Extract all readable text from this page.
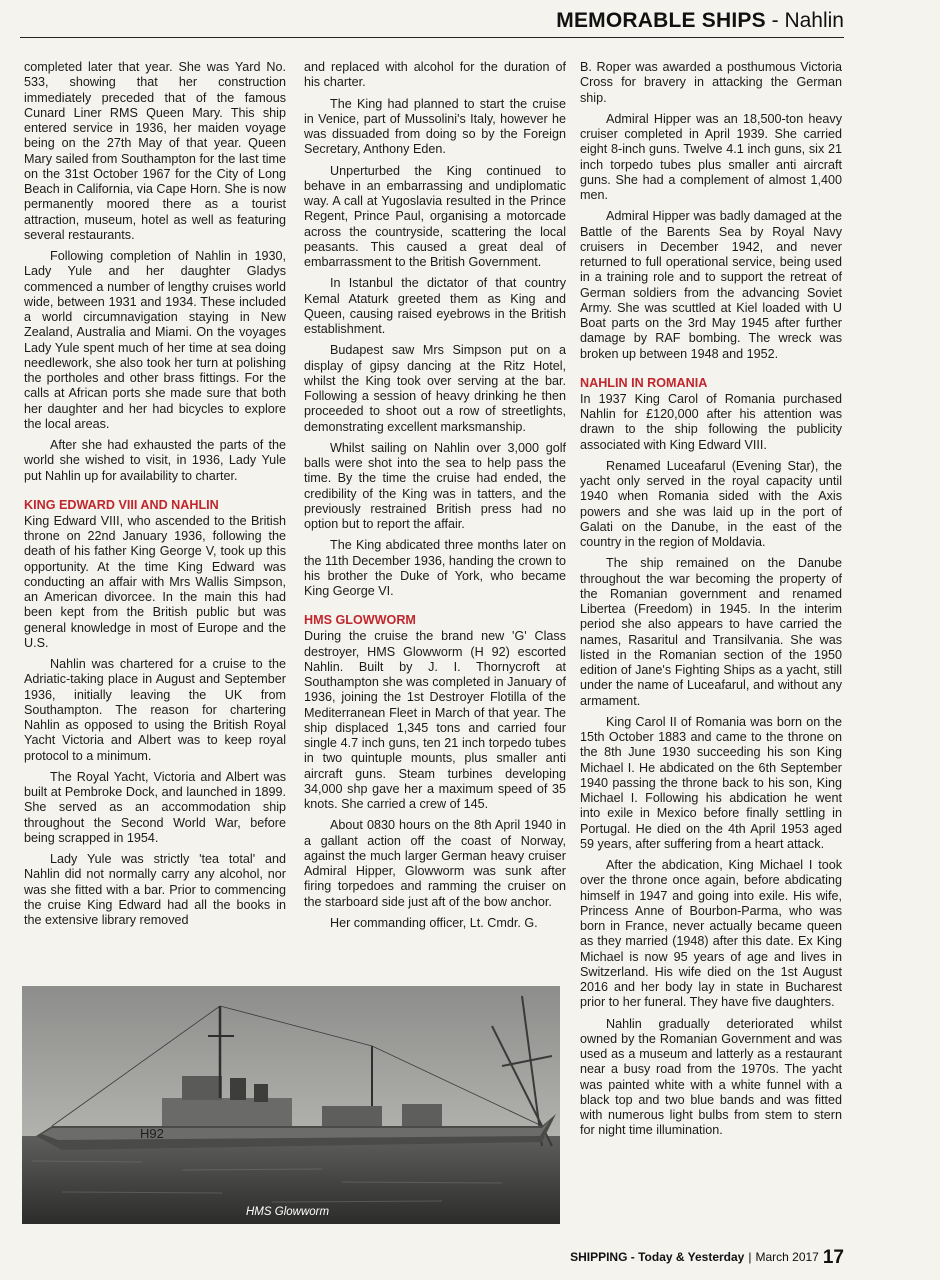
MEMORABLE SHIPS - Nahlin

completed later that year. She was Yard No. 533, showing that her construction immediately preceded that of the famous Cunard Liner RMS Queen Mary. This ship entered service in 1936, her maiden voyage being on the 27th May of that year. Queen Mary sailed from Southampton for the last time on the 31st October 1967 for the City of Long Beach in California, via Cape Horn. She is now permanently moored there as a tourist attraction, museum, hotel as well as featuring several restaurants.

Following completion of Nahlin in 1930, Lady Yule and her daughter Gladys commenced a number of lengthy cruises world wide, between 1931 and 1934. These included a world circumnavigation staying in New Zealand, Australia and Miami. On the voyages Lady Yule spent much of her time at sea doing needlework, she also took her turn at polishing the portholes and other brass fittings. For the calls at African ports she made sure that both her daughter and her had bicycles to explore the local areas.

After she had exhausted the parts of the world she wished to visit, in 1936, Lady Yule put Nahlin up for availability to charter.

KING EDWARD VIII AND NAHLIN

King Edward VIII, who ascended to the British throne on 22nd January 1936, following the death of his father King George V, took up this opportunity. At the time King Edward was conducting an affair with Mrs Wallis Simpson, an American divorcee. In the main this had been kept from the British public but was general knowledge in most of Europe and the U.S.

Nahlin was chartered for a cruise to the Adriatic-taking place in August and September 1936, initially leaving the UK from Southampton. The reason for chartering Nahlin as opposed to using the British Royal Yacht Victoria and Albert was to keep royal protocol to a minimum.

The Royal Yacht, Victoria and Albert was built at Pembroke Dock, and launched in 1899. She served as an accommodation ship throughout the Second World War, before being scrapped in 1954.

Lady Yule was strictly 'tea total' and Nahlin did not normally carry any alcohol, nor was she fitted with a bar. Prior to commencing the cruise King Edward had all the books in the extensive library removed

and replaced with alcohol for the duration of his charter.

The King had planned to start the cruise in Venice, part of Mussolini's Italy, however he was dissuaded from doing so by the Foreign Secretary, Anthony Eden.

Unperturbed the King continued to behave in an embarrassing and undiplomatic way. A call at Yugoslavia resulted in the Prince Regent, Prince Paul, organising a motorcade across the countryside, scattering the local peasants. This caused a great deal of embarrassment to the British Government.

In Istanbul the dictator of that country Kemal Ataturk greeted them as King and Queen, causing raised eyebrows in the British establishment.

Budapest saw Mrs Simpson put on a display of gipsy dancing at the Ritz Hotel, whilst the King took over serving at the bar. Following a session of heavy drinking he then proceeded to shoot out a row of streetlights, demonstrating excellent marksmanship.

Whilst sailing on Nahlin over 3,000 golf balls were shot into the sea to help pass the time. By the time the cruise had ended, the credibility of the King was in tatters, and the previously restrained British press had no option but to report the affair.

The King abdicated three months later on the 11th December 1936, handing the crown to his brother the Duke of York, who became King George VI.

HMS GLOWWORM

During the cruise the brand new 'G' Class destroyer, HMS Glowworm (H 92) escorted Nahlin. Built by J. I. Thornycroft at Southampton she was completed in January of 1936, joining the 1st Destroyer Flotilla of the Mediterranean Fleet in March of that year. The ship displaced 1,345 tons and carried four single 4.7 inch guns, ten 21 inch torpedo tubes in two quintuple mounts, plus smaller anti aircraft guns. Steam turbines developing 34,000 shp gave her a maximum speed of 35 knots. She carried a crew of 145.

About 0830 hours on the 8th April 1940 in a gallant action off the coast of Norway, against the much larger German heavy cruiser Admiral Hipper, Glowworm was sunk after firing torpedoes and ramming the cruiser on the starboard side just aft of the bow anchor.

Her commanding officer, Lt. Cmdr. G.

B. Roper was awarded a posthumous Victoria Cross for bravery in attacking the German ship.

Admiral Hipper was an 18,500-ton heavy cruiser completed in April 1939. She carried eight 8-inch guns. Twelve 4.1 inch guns, six 21 inch torpedo tubes plus smaller anti aircraft guns. She had a complement of almost 1,400 men.

Admiral Hipper was badly damaged at the Battle of the Barents Sea by Royal Navy cruisers in December 1942, and never returned to full operational service, being used in a training role and to support the retreat of German soldiers from the advancing Soviet Army. She was scuttled at Kiel loaded with U Boat parts on the 3rd May 1945 after further damage by RAF bombing. The wreck was broken up between 1948 and 1952.

NAHLIN IN ROMANIA

In 1937 King Carol of Romania purchased Nahlin for £120,000 after his attention was drawn to the ship following the publicity associated with King Edward VIII.

Renamed Luceafarul (Evening Star), the yacht only served in the royal capacity until 1940 when Romania sided with the Axis powers and she was laid up in the port of Galati on the Danube, in the east of the country in the region of Moldavia.

The ship remained on the Danube throughout the war becoming the property of the Romanian government and renamed Libertea (Freedom) in 1945. In the interim period she also appears to have carried the names, Rasaritul and Transilvania. She was listed in the Romanian section of the 1950 edition of Jane's Fighting Ships as a yacht, still under the name of Luceafarul, and without any armament.

King Carol II of Romania was born on the 15th October 1883 and came to the throne on the 8th June 1930 succeeding his son King Michael I. He abdicated on the 6th September 1940 passing the throne back to his son, King Michael I. Following his abdication he went into exile in Mexico before finally settling in Portugal. He died on the 4th April 1953 aged 59 years, after suffering from a heart attack.

After the abdication, King Michael I took over the throne once again, before abdicating himself in 1947 and going into exile. His wife, Princess Anne of Bourbon-Parma, who was born in France, never actually became queen as they married (1948) after this date. Ex King Michael is now 95 years of age and lives in Switzerland. His wife died on the 1st August 2016 and her body lay in state in Bucharest prior to her funeral. They have five daughters.

Nahlin gradually deteriorated whilst owned by the Romanian Government and was used as a museum and latterly as a restaurant near a busy road from the 1970s. The yacht was painted white with a white funnel with a black top and two blue bands and was fitted with numerous light bulbs from stem to stern for night time illumination.

H92
HMS Glowworm
SHIPPING - Today & Yesterday | March 2017 17
